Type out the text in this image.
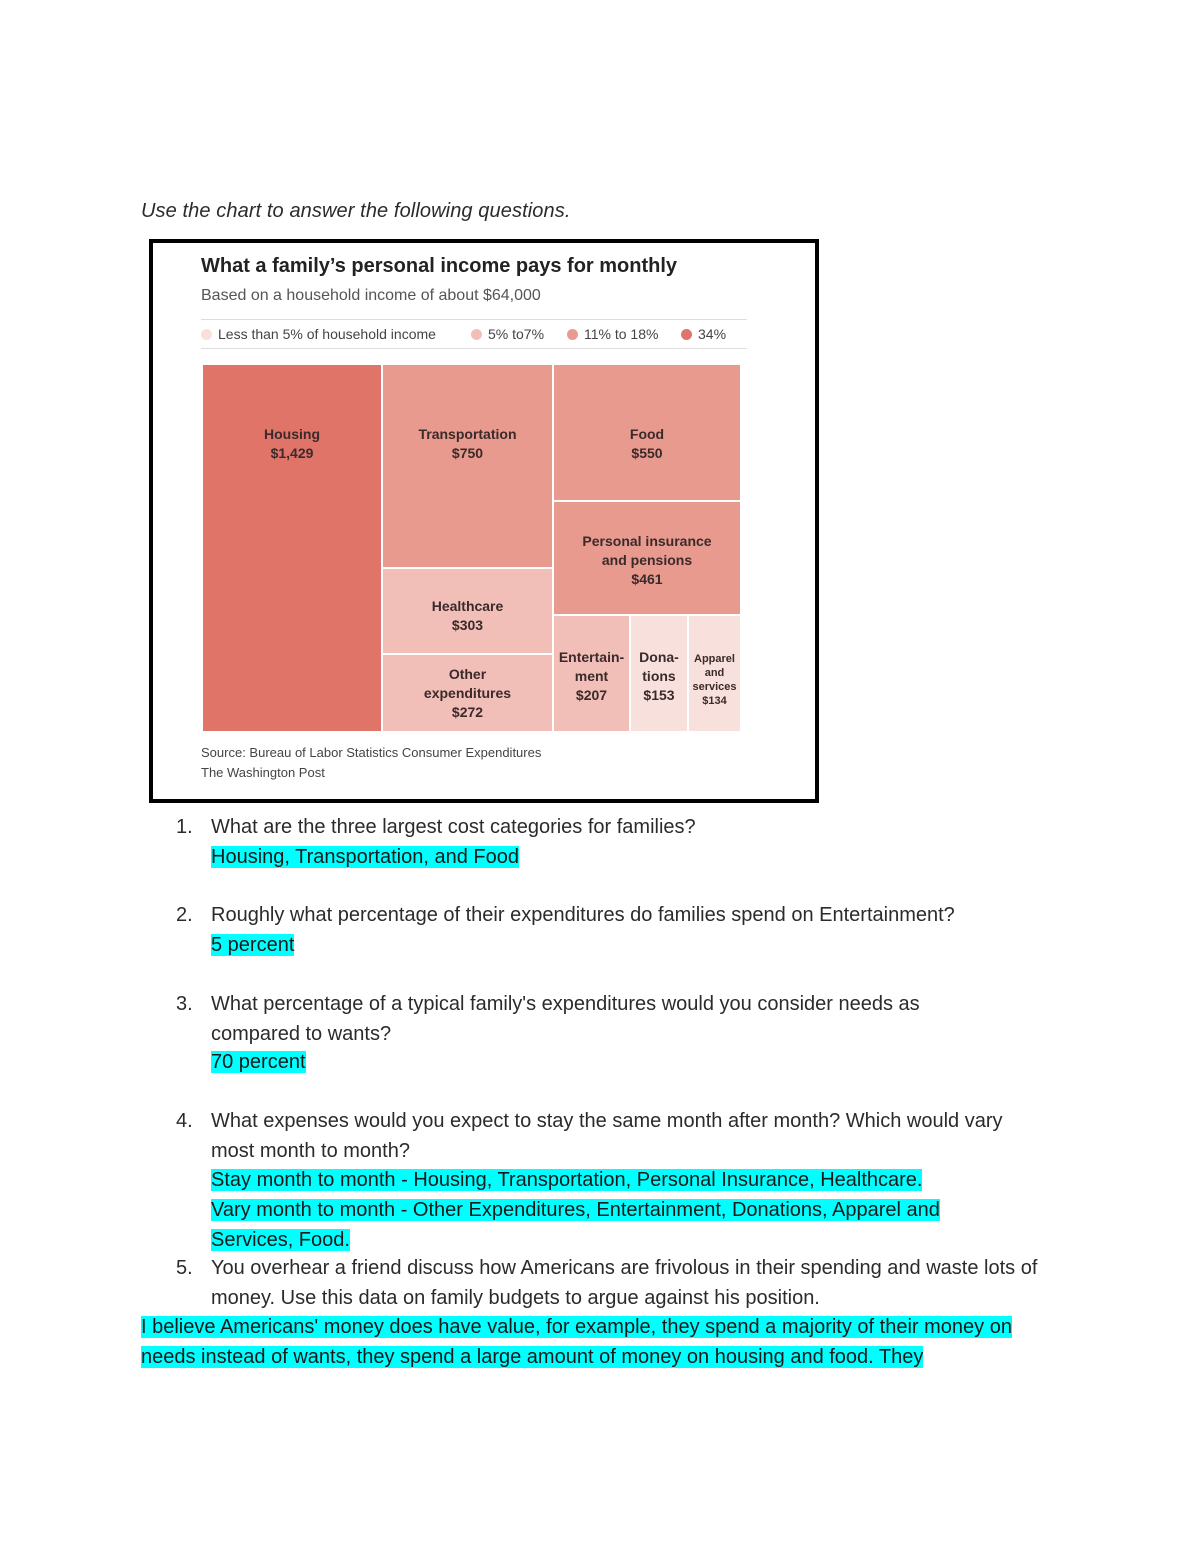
Use the chart to answer the following questions.
What a family’s personal income pays for monthly
Based on a household income of about $64,000
Less than 5% of household income	5% to7%	11% to 18%	34%
Housing
$1,429
Transportation
$750
Food
$550
Personal insurance
and pensions
$461
Healthcare
$303
Other
expenditures
$272
Entertain-
ment
$207
Dona-
tions
$153
Apparel
and
services
$134
Source: Bureau of Labor Statistics Consumer Expenditures
The Washington Post
1. What are the three largest cost categories for families?
Housing, Transportation, and Food
2. Roughly what percentage of their expenditures do families spend on Entertainment?
5 percent
3. What percentage of a typical family's expenditures would you consider needs as compared to wants?
70 percent
4. What expenses would you expect to stay the same month after month? Which would vary most month to month?
Stay month to month - Housing, Transportation, Personal Insurance, Healthcare.
Vary month to month - Other Expenditures, Entertainment, Donations, Apparel and Services, Food.
5. You overhear a friend discuss how Americans are frivolous in their spending and waste lots of money. Use this data on family budgets to argue against his position.
I believe Americans' money does have value, for example, they spend a majority of their money on needs instead of wants, they spend a large amount of money on housing and food. They
